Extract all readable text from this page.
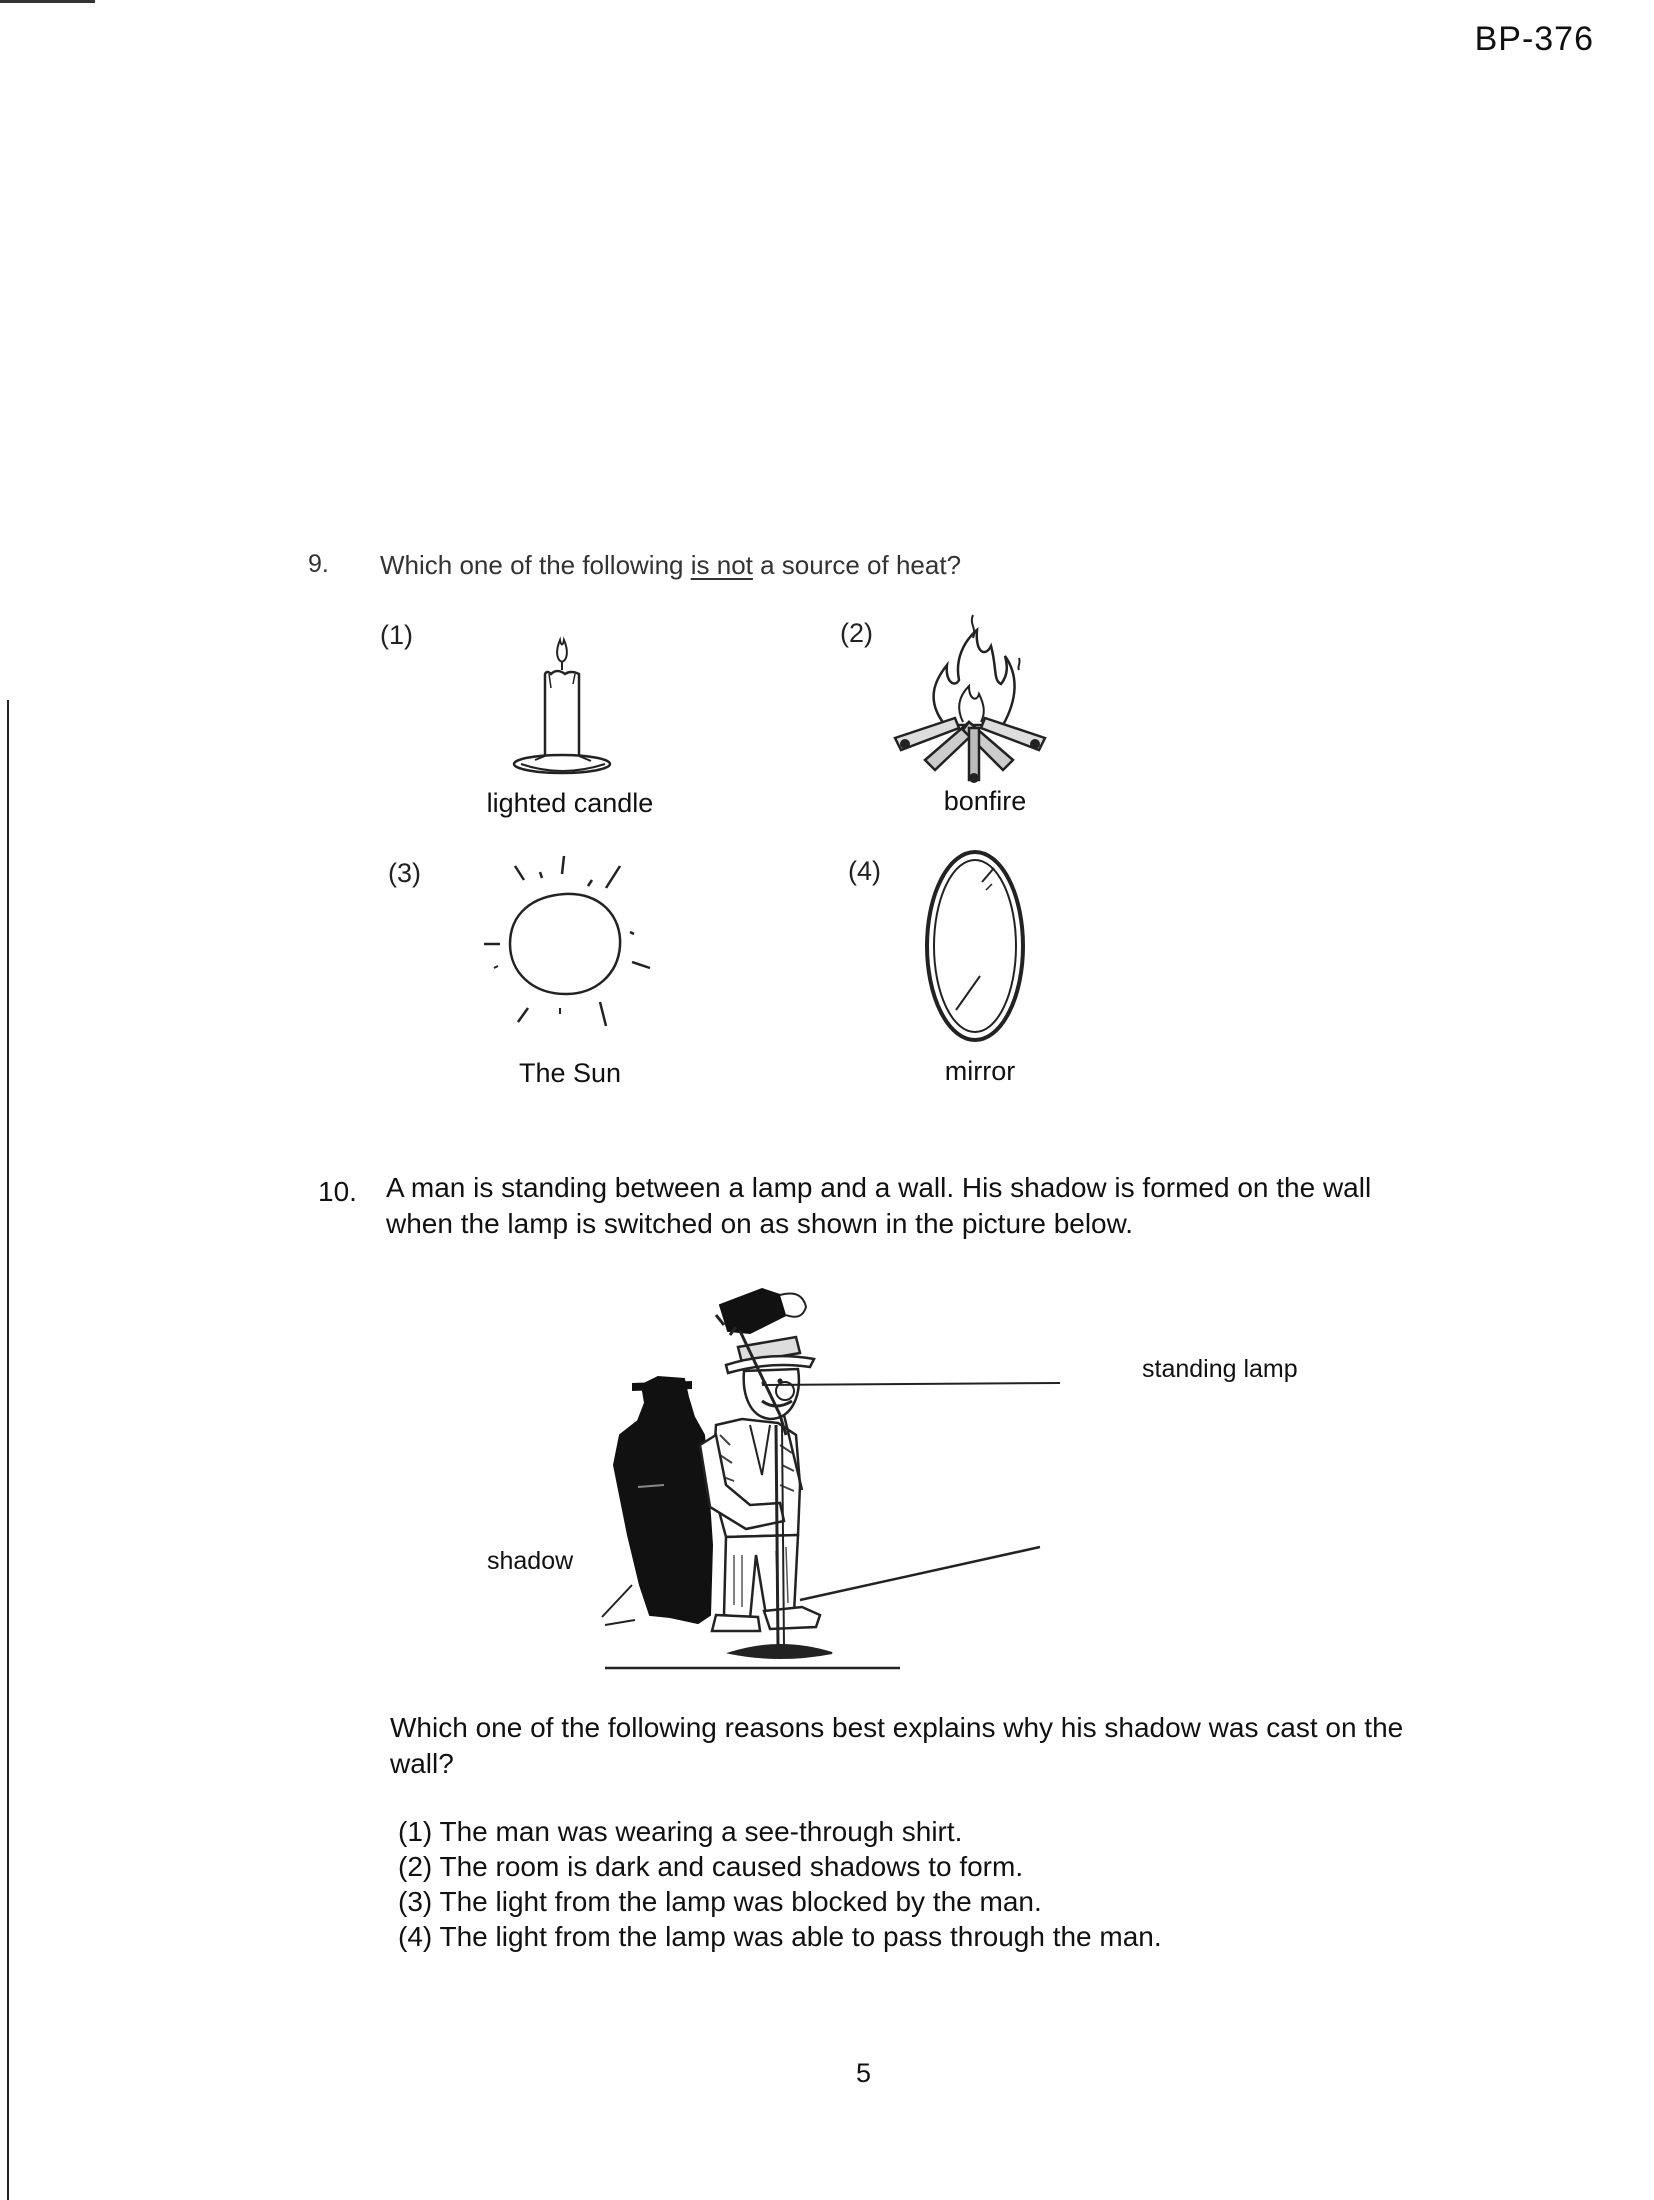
BP-376
9. Which one of the following is not a source of heat?
(1)
lighted candle
(2)
bonfire
(3)
The Sun
(4)
mirror
10. A man is standing between a lamp and a wall. His shadow is formed on the wall when the lamp is switched on as shown in the picture below.
standing lamp
shadow
Which one of the following reasons best explains why his shadow was cast on the wall?
(1) The man was wearing a see-through shirt.
(2) The room is dark and caused shadows to form.
(3) The light from the lamp was blocked by the man.
(4) The light from the lamp was able to pass through the man.
5
